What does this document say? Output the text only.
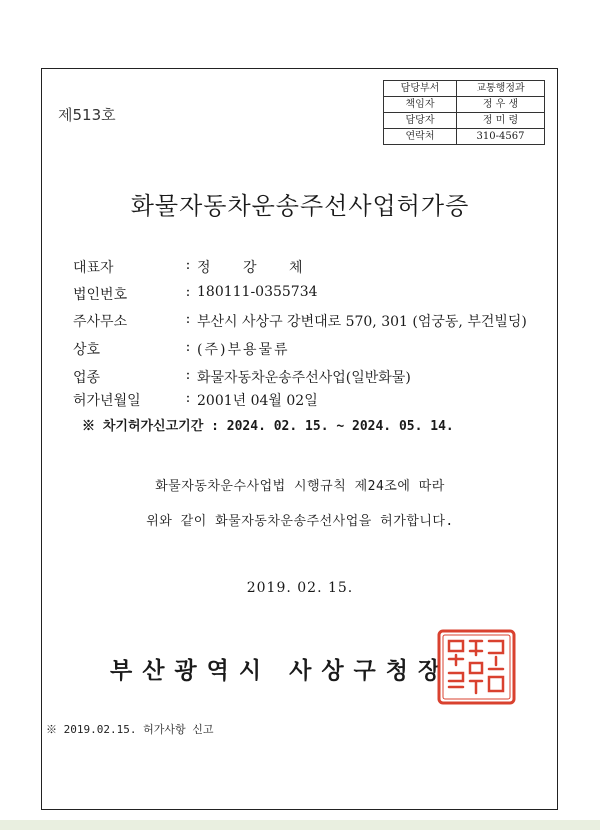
제513호
담당부서	교통행정과
책임자	정 우 생
담당자	정 미 령
연락처	310-4567
화물자동차운송주선사업허가증
대표자	: 정 강 체
법인번호	: 180111-0355734
주사무소	: 부산시 사상구 강변대로 570, 301 (엄궁동, 부건빌딩)
상호	: (주)부용물류
업종	: 화물자동차운송주선사업(일반화물)
허가년월일	: 2001년 04월 02일
※ 차기허가신고기간 : 2024. 02. 15. ~ 2024. 05. 14.
화물자동차운수사업법 시행규칙 제24조에 따라
위와 같이 화물자동차운송주선사업을 허가합니다.
2019. 02. 15.
부산광역시 사상구청장
※ 2019.02.15. 허가사항 신고
